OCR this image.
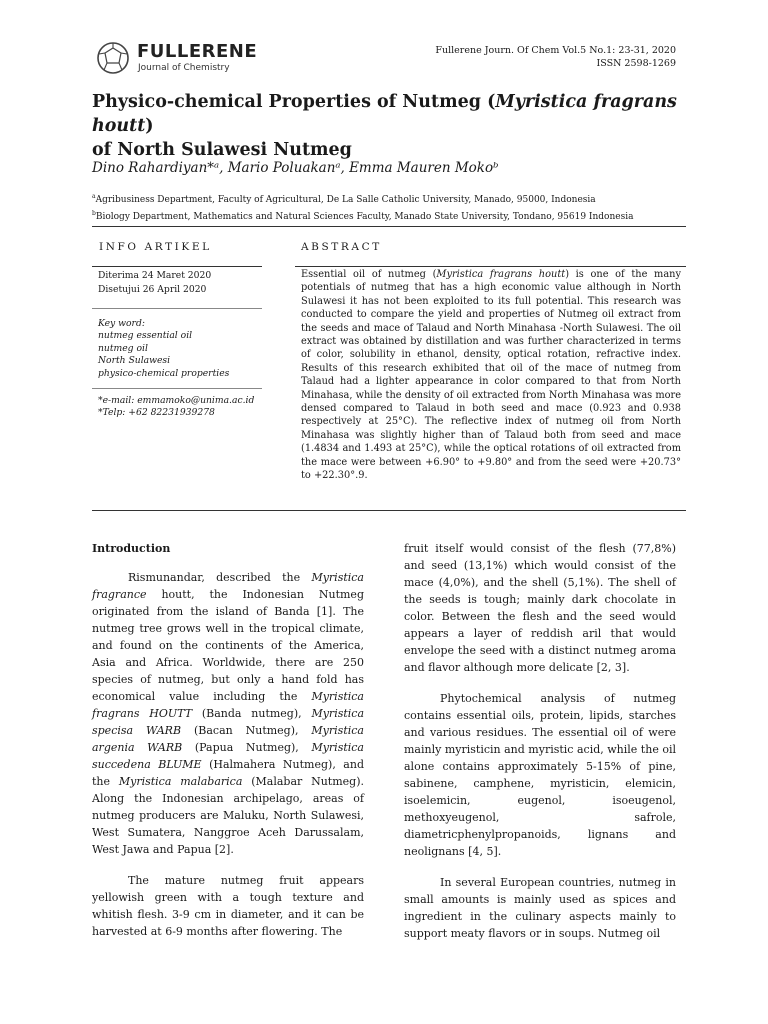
FULLERENE
Journal of Chemistry
Fullerene Journ. Of Chem Vol.5 No.1: 23-31, 2020
ISSN 2598-1269
Physico-chemical Properties of Nutmeg (Myristica fragrans houtt)
of North Sulawesi Nutmeg
Dino Rahardiyan*ᵃ, Mario Poluakanᵃ, Emma Mauren Mokoᵇ
$^a$Agribusiness Department, Faculty of Agricultural, De La Salle Catholic University, Manado, 95000, Indonesia
$^b$Biology Department, Mathematics and Natural Sciences Faculty, Manado State University, Tondano, 95619 Indonesia
INFO ARTIKEL	ABSTRACT
Diterima 24 Maret 2020
Disetujui 26 April 2020
Key word:
nutmeg essential oil
nutmeg oil
North Sulawesi
physico-chemical properties
*e-mail: emmamoko@unima.ac.id
*Telp: +62 82231939278
Essential oil of nutmeg (Myristica fragrans houtt) is one of the many potentials of nutmeg that has a high economic value although in North Sulawesi it has not been exploited to its full potential. This research was conducted to compare the yield and properties of Nutmeg oil extract from the seeds and mace of Talaud and North Minahasa -North Sulawesi. The oil extract was obtained by distillation and was further characterized in terms of color, solubility in ethanol, density, optical rotation, refractive index. Results of this research exhibited that oil of the mace of nutmeg from Talaud had a lighter appearance in color compared to that from North Minahasa, while the density of oil extracted from North Minahasa was more densed compared to Talaud in both seed and mace (0.923 and 0.938 respectively at 25°C). The reflective index of nutmeg oil from North Minahasa was slightly higher than of Talaud both from seed and mace (1.4834 and 1.493 at 25°C), while the optical rotations of oil extracted from the mace were between +6.90° to +9.80° and from the seed were +20.73° to +22.30°.9.
Introduction

Rismunandar, described the Myristica fragrance houtt, the Indonesian Nutmeg originated from the island of Banda [1]. The nutmeg tree grows well in the tropical climate, and found on the continents of the America, Asia and Africa. Worldwide, there are 250 species of nutmeg, but only a hand fold has economical value including the Myristica fragrans HOUTT (Banda nutmeg), Myristica specisa WARB (Bacan Nutmeg), Myristica argenia WARB (Papua Nutmeg), Myristica succedena BLUME (Halmahera Nutmeg), and the Myristica malabarica (Malabar Nutmeg). Along the Indonesian archipelago, areas of nutmeg producers are Maluku, North Sulawesi, West Sumatera, Nanggroe Aceh Darussalam, West Jawa and Papua [2].

The mature nutmeg fruit appears yellowish green with a tough texture and whitish flesh. 3-9 cm in diameter, and it can be harvested at 6-9 months after flowering. The

fruit itself would consist of the flesh (77,8%) and seed (13,1%) which would consist of the mace (4,0%), and the shell (5,1%). The shell of the seeds is tough; mainly dark chocolate in color. Between the flesh and the seed would appears a layer of reddish aril that would envelope the seed with a distinct nutmeg aroma and flavor although more delicate [2, 3].

Phytochemical analysis of nutmeg contains essential oils, protein, lipids, starches and various residues. The essential oil of were mainly myristicin and myristic acid, while the oil alone contains approximately 5-15% of pine, sabinene, camphene, myristicin, elemicin, isoelemicin, eugenol, isoeugenol, methoxyeugenol, safrole, diametricphenylpropanoids, lignans and neolignans [4, 5].

In several European countries, nutmeg in small amounts is mainly used as spices and ingredient in the culinary aspects mainly to support meaty flavors or in soups. Nutmeg oil
